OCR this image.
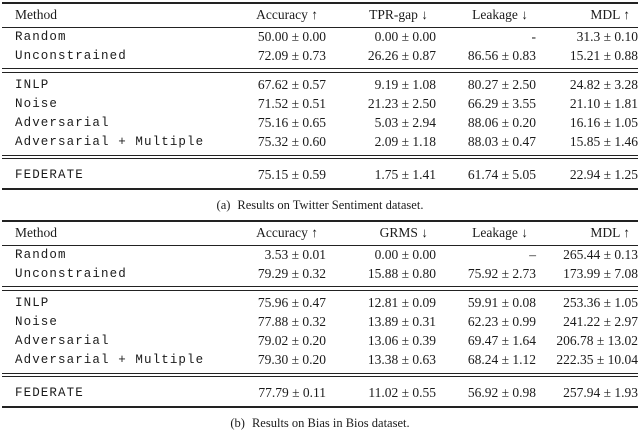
Method	Accuracy ↑	TPR-gap ↓	Leakage ↓	MDL ↑
Random	50.00 ± 0.00	0.00 ± 0.00	-	31.3 ± 0.10
Unconstrained	72.09 ± 0.73	26.26 ± 0.87	86.56 ± 0.83	15.21 ± 0.88

INLP	67.62 ± 0.57	9.19 ± 1.08	80.27 ± 2.50	24.82 ± 3.28
Noise	71.52 ± 0.51	21.23 ± 2.50	66.29 ± 3.55	21.10 ± 1.81
Adversarial	75.16 ± 0.65	5.03 ± 2.94	88.06 ± 0.20	16.16 ± 1.05
Adversarial + Multiple	75.32 ± 0.60	2.09 ± 1.18	88.03 ± 0.47	15.85 ± 1.46

FEDERATE	75.15 ± 0.59	1.75 ± 1.41	61.74 ± 5.05	22.94 ± 1.25
(a) Results on Twitter Sentiment dataset.
Method	Accuracy ↑	GRMS ↓	Leakage ↓	MDL ↑
Random	3.53 ± 0.01	0.00 ± 0.00	–	265.44 ± 0.13
Unconstrained	79.29 ± 0.32	15.88 ± 0.80	75.92 ± 2.73	173.99 ± 7.08

INLP	75.96 ± 0.47	12.81 ± 0.09	59.91 ± 0.08	253.36 ± 1.05
Noise	77.88 ± 0.32	13.89 ± 0.31	62.23 ± 0.99	241.22 ± 2.97
Adversarial	79.02 ± 0.20	13.06 ± 0.39	69.47 ± 1.64	206.78 ± 13.02
Adversarial + Multiple	79.30 ± 0.20	13.38 ± 0.63	68.24 ± 1.12	222.35 ± 10.04

FEDERATE	77.79 ± 0.11	11.02 ± 0.55	56.92 ± 0.98	257.94 ± 1.93
(b) Results on Bias in Bios dataset.
